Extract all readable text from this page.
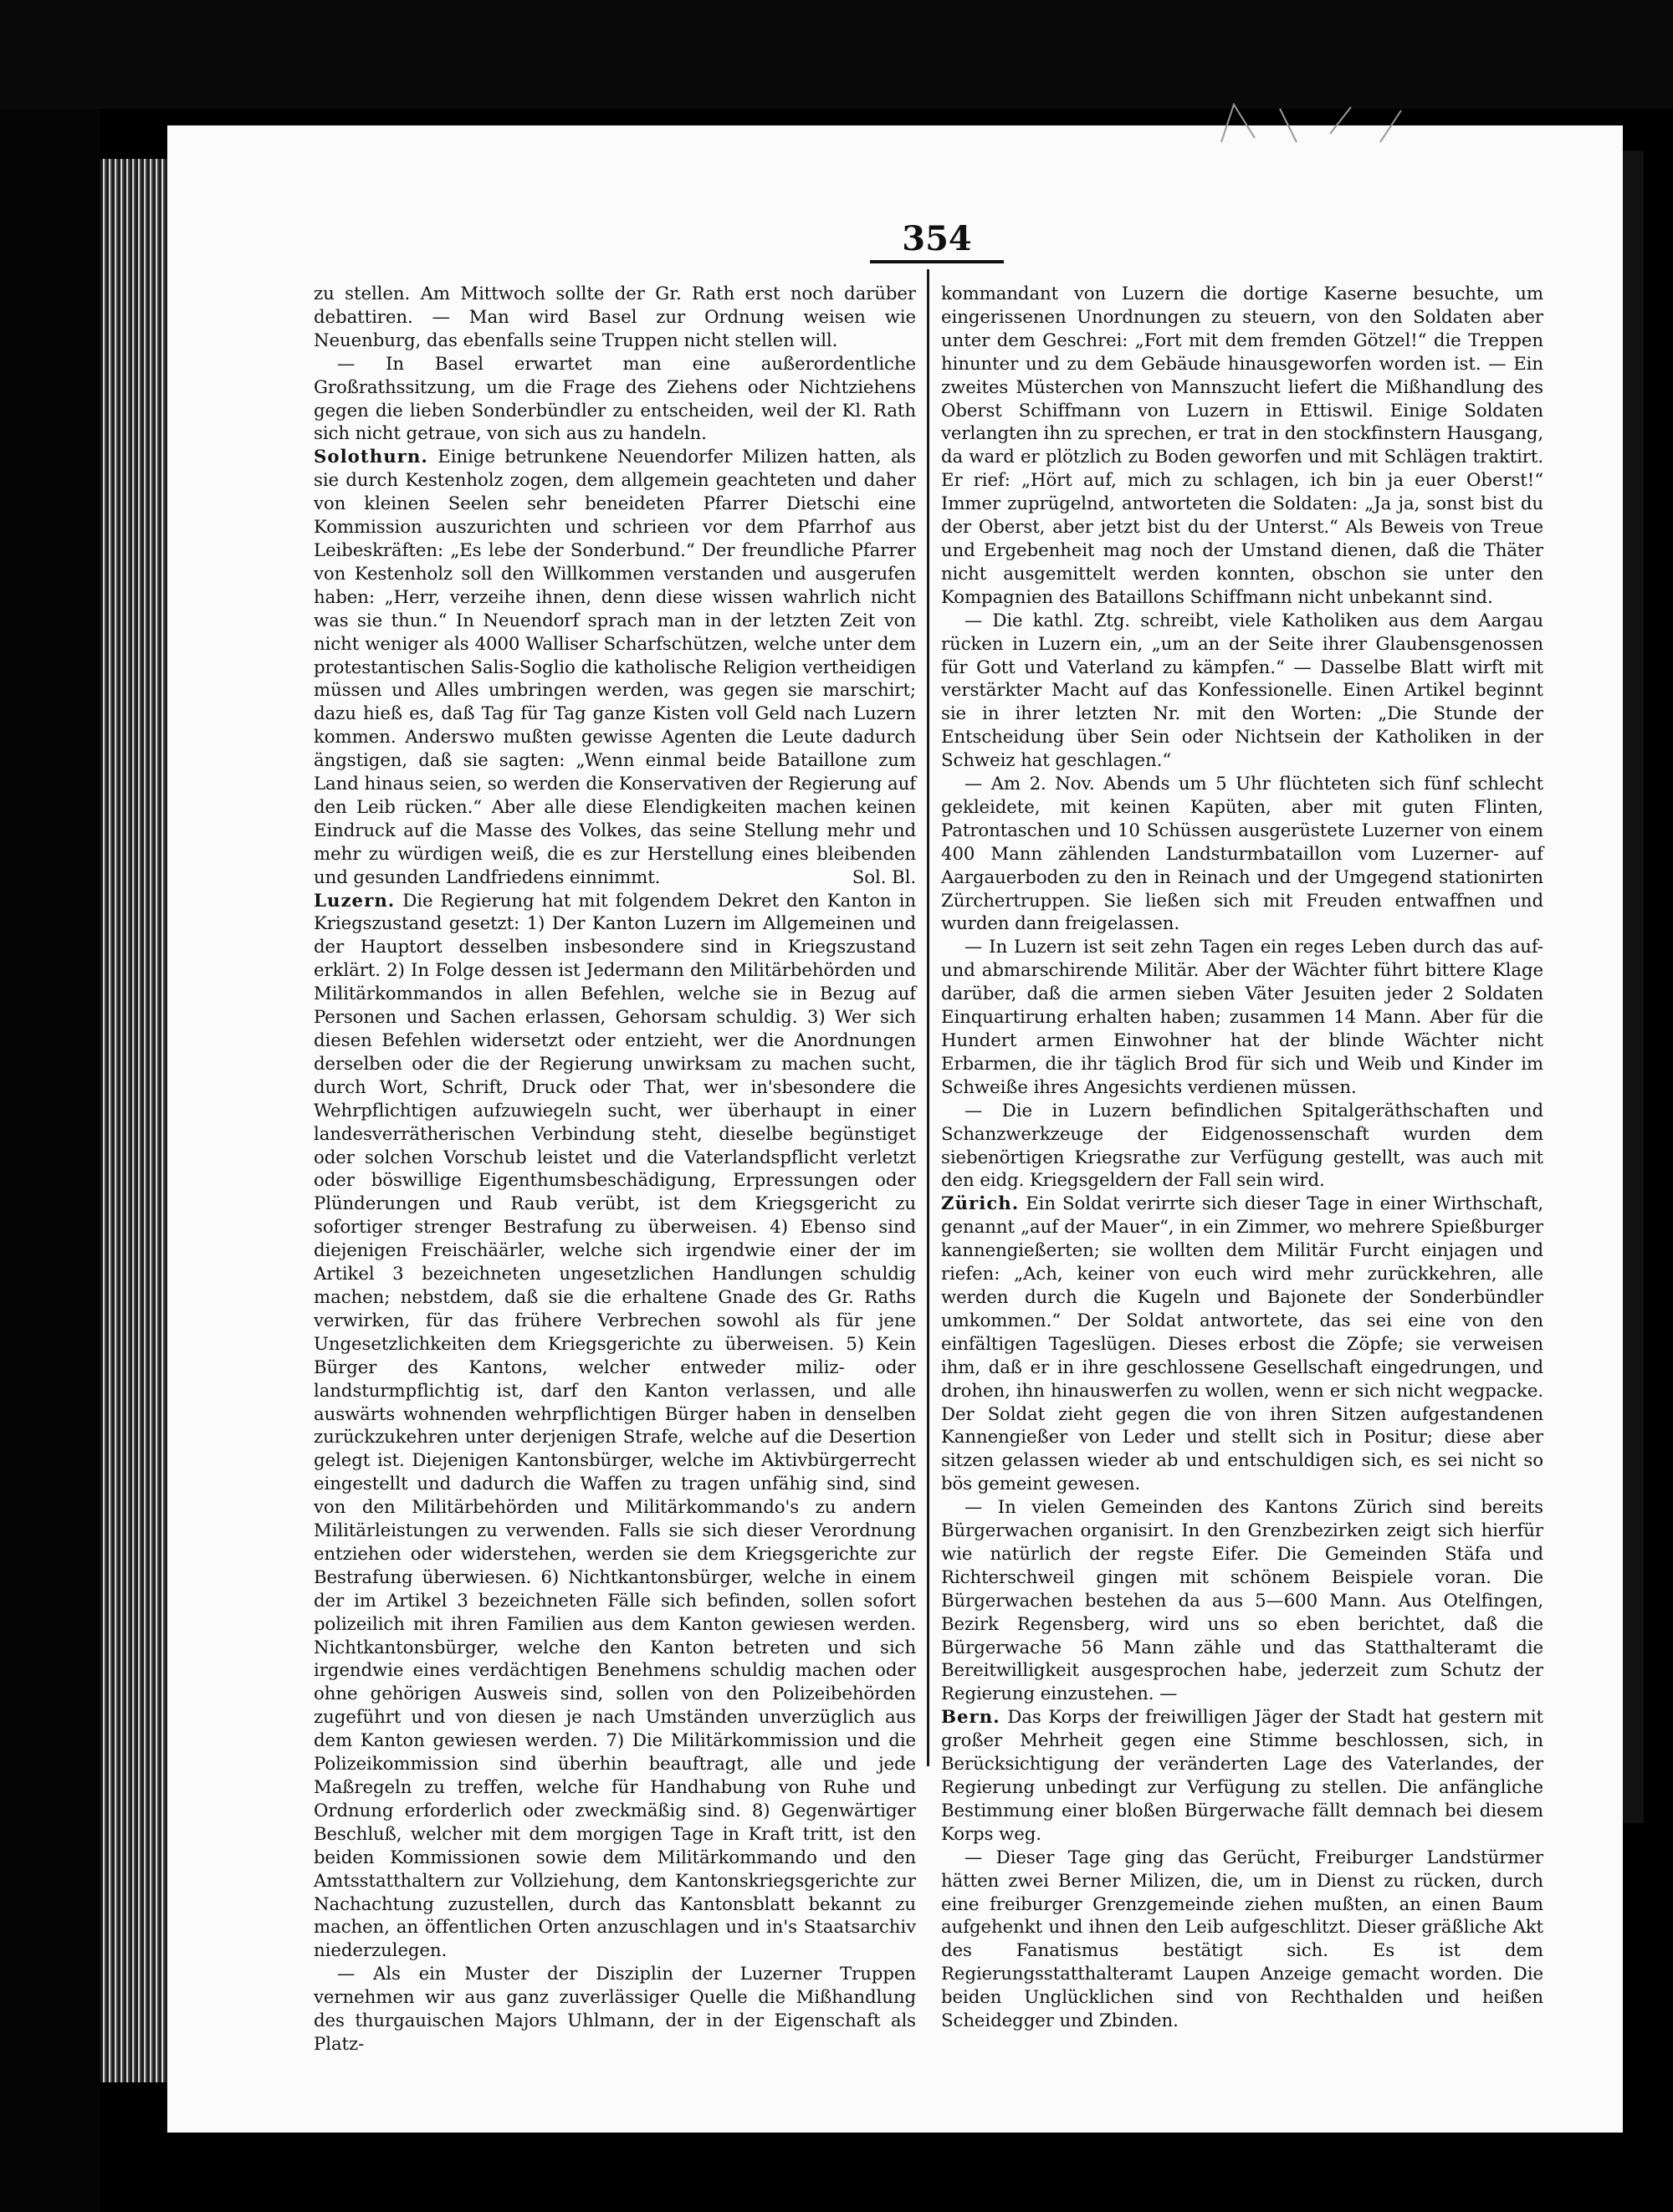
354

zu stellen. Am Mittwoch sollte der Gr. Rath erst noch darüber debattiren. — Man wird Basel zur Ordnung weisen wie Neuenburg, das ebenfalls seine Truppen nicht stellen will.

— In Basel erwartet man eine außerordentliche Großrathssitzung, um die Frage des Ziehens oder Nichtziehens gegen die lieben Sonderbündler zu entscheiden, weil der Kl. Rath sich nicht getraue, von sich aus zu handeln.

Solothurn. Einige betrunkene Neuendorfer Milizen hatten, als sie durch Kestenholz zogen, dem allgemein geachteten und daher von kleinen Seelen sehr beneideten Pfarrer Dietschi eine Kommission auszurichten und schrieen vor dem Pfarrhof aus Leibeskräften: „Es lebe der Sonderbund.“ Der freundliche Pfarrer von Kestenholz soll den Willkommen verstanden und ausgerufen haben: „Herr, verzeihe ihnen, denn diese wissen wahrlich nicht was sie thun.“ In Neuendorf sprach man in der letzten Zeit von nicht weniger als 4000 Walliser Scharfschützen, welche unter dem protestantischen Salis-Soglio die katholische Religion vertheidigen müssen und Alles umbringen werden, was gegen sie marschirt; dazu hieß es, daß Tag für Tag ganze Kisten voll Geld nach Luzern kommen. Anderswo mußten gewisse Agenten die Leute dadurch ängstigen, daß sie sagten: „Wenn einmal beide Bataillone zum Land hinaus seien, so werden die Konservativen der Regierung auf den Leib rücken.“ Aber alle diese Elendigkeiten machen keinen Eindruck auf die Masse des Volkes, das seine Stellung mehr und mehr zu würdigen weiß, die es zur Herstellung eines bleibenden und gesunden Landfriedens einnimmt.	Sol. Bl.

Luzern. Die Regierung hat mit folgendem Dekret den Kanton in Kriegszustand gesetzt: 1) Der Kanton Luzern im Allgemeinen und der Hauptort desselben insbesondere sind in Kriegszustand erklärt. 2) In Folge dessen ist Jedermann den Militärbehörden und Militärkommandos in allen Befehlen, welche sie in Bezug auf Personen und Sachen erlassen, Gehorsam schuldig. 3) Wer sich diesen Befehlen widersetzt oder entzieht, wer die Anordnungen derselben oder die der Regierung unwirksam zu machen sucht, durch Wort, Schrift, Druck oder That, wer in'sbesondere die Wehrpflichtigen aufzuwiegeln sucht, wer überhaupt in einer landesverrätherischen Verbindung steht, dieselbe begünstiget oder solchen Vorschub leistet und die Vaterlandspflicht verletzt oder böswillige Eigenthumsbeschädigung, Erpressungen oder Plünderungen und Raub verübt, ist dem Kriegsgericht zu sofortiger strenger Bestrafung zu überweisen. 4) Ebenso sind diejenigen Freischäärler, welche sich irgendwie einer der im Artikel 3 bezeichneten ungesetzlichen Handlungen schuldig machen; nebstdem, daß sie die erhaltene Gnade des Gr. Raths verwirken, für das frühere Verbrechen sowohl als für jene Ungesetzlichkeiten dem Kriegsgerichte zu überweisen. 5) Kein Bürger des Kantons, welcher entweder miliz- oder landsturmpflichtig ist, darf den Kanton verlassen, und alle auswärts wohnenden wehrpflichtigen Bürger haben in denselben zurückzukehren unter derjenigen Strafe, welche auf die Desertion gelegt ist. Diejenigen Kantonsbürger, welche im Aktivbürgerrecht eingestellt und dadurch die Waffen zu tragen unfähig sind, sind von den Militärbehörden und Militärkommando's zu andern Militärleistungen zu verwenden. Falls sie sich dieser Verordnung entziehen oder widerstehen, werden sie dem Kriegsgerichte zur Bestrafung überwiesen. 6) Nichtkantonsbürger, welche in einem der im Artikel 3 bezeichneten Fälle sich befinden, sollen sofort polizeilich mit ihren Familien aus dem Kanton gewiesen werden. Nichtkantonsbürger, welche den Kanton betreten und sich irgendwie eines verdächtigen Benehmens schuldig machen oder ohne gehörigen Ausweis sind, sollen von den Polizeibehörden zugeführt und von diesen je nach Umständen unverzüglich aus dem Kanton gewiesen werden. 7) Die Militärkommission und die Polizeikommission sind überhin beauftragt, alle und jede Maßregeln zu treffen, welche für Handhabung von Ruhe und Ordnung erforderlich oder zweckmäßig sind. 8) Gegenwärtiger Beschluß, welcher mit dem morgigen Tage in Kraft tritt, ist den beiden Kommissionen sowie dem Militärkommando und den Amtsstatthaltern zur Vollziehung, dem Kantonskriegsgerichte zur Nachachtung zuzustellen, durch das Kantonsblatt bekannt zu machen, an öffentlichen Orten anzuschlagen und in's Staatsarchiv niederzulegen.

— Als ein Muster der Disziplin der Luzerner Truppen vernehmen wir aus ganz zuverlässiger Quelle die Mißhandlung des thurgauischen Majors Uhlmann, der in der Eigenschaft als Platz-

kommandant von Luzern die dortige Kaserne besuchte, um eingerissenen Unordnungen zu steuern, von den Soldaten aber unter dem Geschrei: „Fort mit dem fremden Götzel!“ die Treppen hinunter und zu dem Gebäude hinausgeworfen worden ist. — Ein zweites Müsterchen von Mannszucht liefert die Mißhandlung des Oberst Schiffmann von Luzern in Ettiswil. Einige Soldaten verlangten ihn zu sprechen, er trat in den stockfinstern Hausgang, da ward er plötzlich zu Boden geworfen und mit Schlägen traktirt. Er rief: „Hört auf, mich zu schlagen, ich bin ja euer Oberst!“ Immer zuprügelnd, antworteten die Soldaten: „Ja ja, sonst bist du der Oberst, aber jetzt bist du der Unterst.“ Als Beweis von Treue und Ergebenheit mag noch der Umstand dienen, daß die Thäter nicht ausgemittelt werden konnten, obschon sie unter den Kompagnien des Bataillons Schiffmann nicht unbekannt sind.

— Die kathl. Ztg. schreibt, viele Katholiken aus dem Aargau rücken in Luzern ein, „um an der Seite ihrer Glaubensgenossen für Gott und Vaterland zu kämpfen.“ — Dasselbe Blatt wirft mit verstärkter Macht auf das Konfessionelle. Einen Artikel beginnt sie in ihrer letzten Nr. mit den Worten: „Die Stunde der Entscheidung über Sein oder Nichtsein der Katholiken in der Schweiz hat geschlagen.“

— Am 2. Nov. Abends um 5 Uhr flüchteten sich fünf schlecht gekleidete, mit keinen Kapüten, aber mit guten Flinten, Patrontaschen und 10 Schüssen ausgerüstete Luzerner von einem 400 Mann zählenden Landsturmbataillon vom Luzerner- auf Aargauerboden zu den in Reinach und der Umgegend stationirten Zürchertruppen. Sie ließen sich mit Freuden entwaffnen und wurden dann freigelassen.

— In Luzern ist seit zehn Tagen ein reges Leben durch das auf- und abmarschirende Militär. Aber der Wächter führt bittere Klage darüber, daß die armen sieben Väter Jesuiten jeder 2 Soldaten Einquartirung erhalten haben; zusammen 14 Mann. Aber für die Hundert armen Einwohner hat der blinde Wächter nicht Erbarmen, die ihr täglich Brod für sich und Weib und Kinder im Schweiße ihres Angesichts verdienen müssen.

— Die in Luzern befindlichen Spitalgeräthschaften und Schanzwerkzeuge der Eidgenossenschaft wurden dem siebenörtigen Kriegsrathe zur Verfügung gestellt, was auch mit den eidg. Kriegsgeldern der Fall sein wird.

Zürich. Ein Soldat verirrte sich dieser Tage in einer Wirthschaft, genannt „auf der Mauer“, in ein Zimmer, wo mehrere Spießburger kannengießerten; sie wollten dem Militär Furcht einjagen und riefen: „Ach, keiner von euch wird mehr zurückkehren, alle werden durch die Kugeln und Bajonete der Sonderbündler umkommen.“ Der Soldat antwortete, das sei eine von den einfältigen Tageslügen. Dieses erbost die Zöpfe; sie verweisen ihm, daß er in ihre geschlossene Gesellschaft eingedrungen, und drohen, ihn hinauswerfen zu wollen, wenn er sich nicht wegpacke. Der Soldat zieht gegen die von ihren Sitzen aufgestandenen Kannengießer von Leder und stellt sich in Positur; diese aber sitzen gelassen wieder ab und entschuldigen sich, es sei nicht so bös gemeint gewesen.

— In vielen Gemeinden des Kantons Zürich sind bereits Bürgerwachen organisirt. In den Grenzbezirken zeigt sich hierfür wie natürlich der regste Eifer. Die Gemeinden Stäfa und Richterschweil gingen mit schönem Beispiele voran. Die Bürgerwachen bestehen da aus 5—600 Mann. Aus Otelfingen, Bezirk Regensberg, wird uns so eben berichtet, daß die Bürgerwache 56 Mann zähle und das Statthalteramt die Bereitwilligkeit ausgesprochen habe, jederzeit zum Schutz der Regierung einzustehen. —

Bern. Das Korps der freiwilligen Jäger der Stadt hat gestern mit großer Mehrheit gegen eine Stimme beschlossen, sich, in Berücksichtigung der veränderten Lage des Vaterlandes, der Regierung unbedingt zur Verfügung zu stellen. Die anfängliche Bestimmung einer bloßen Bürgerwache fällt demnach bei diesem Korps weg.

— Dieser Tage ging das Gerücht, Freiburger Landstürmer hätten zwei Berner Milizen, die, um in Dienst zu rücken, durch eine freiburger Grenzgemeinde ziehen mußten, an einen Baum aufgehenkt und ihnen den Leib aufgeschlitzt. Dieser gräßliche Akt des Fanatismus bestätigt sich. Es ist dem Regierungsstatthalteramt Laupen Anzeige gemacht worden. Die beiden Unglücklichen sind von Rechthalden und heißen Scheidegger und Zbinden.
